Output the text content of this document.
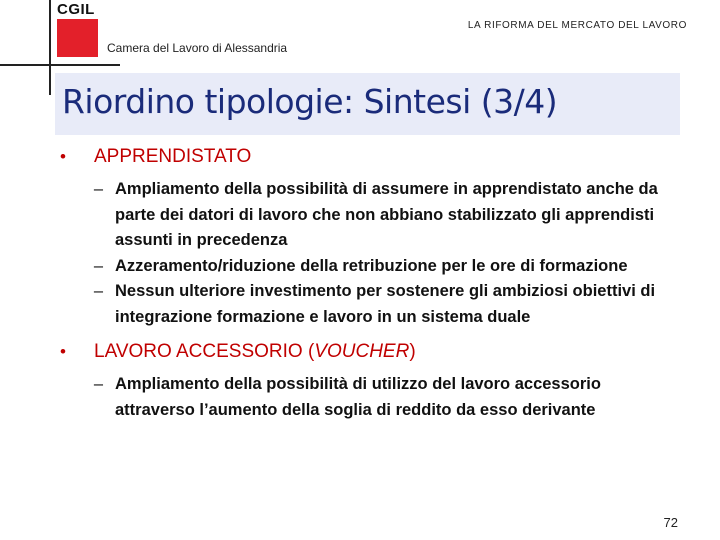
CGIL
Camera del Lavoro di Alessandria
LA RIFORMA DEL MERCATO DEL LAVORO
Riordino tipologie: Sintesi (3/4)
•	APPRENDISTATO
– Ampliamento della possibilità di assumere in apprendistato anche da parte dei datori di lavoro che non abbiano stabilizzato gli apprendisti assunti in precedenza
– Azzeramento/riduzione della retribuzione per le ore di formazione
– Nessun ulteriore investimento per sostenere gli ambiziosi obiettivi di integrazione formazione e lavoro in un sistema duale
•	LAVORO ACCESSORIO (VOUCHER)
– Ampliamento della possibilità di utilizzo del lavoro accessorio attraverso l’aumento della soglia di reddito da esso derivante
72
